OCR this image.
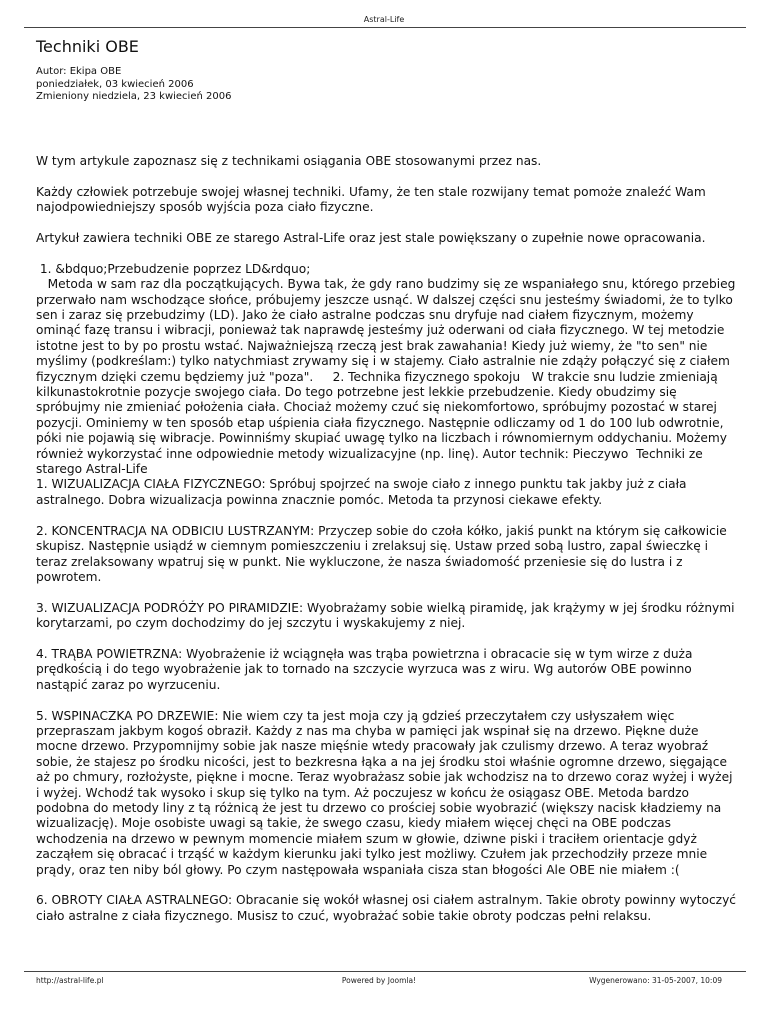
Astral-Life
Techniki OBE
Autor: Ekipa OBE
poniedziałek, 03 kwiecień 2006
Zmieniony niedziela, 23 kwiecień 2006

W tym artykule zapoznasz się z technikami osiągania OBE stosowanymi przez nas.

Każdy człowiek potrzebuje swojej własnej techniki. Ufamy, że ten stale rozwijany temat pomoże znaleźć Wam najodpowiedniejszy sposób wyjścia poza ciało fizyczne.

Artykuł zawiera techniki OBE ze starego Astral-Life oraz jest stale powiększany o zupełnie nowe opracowania.

1. &bdquo;Przebudzenie poprzez LD&rdquo;
Metoda w sam raz dla początkujących. Bywa tak, że gdy rano budzimy się ze wspaniałego snu, którego przebieg przerwało nam wschodzące słońce, próbujemy jeszcze usnąć. W dalszej części snu jesteśmy świadomi, że to tylko sen i zaraz się przebudzimy (LD). Jako że ciało astralne podczas snu dryfuje nad ciałem fizycznym, możemy ominąć fazę transu i wibracji, ponieważ tak naprawdę jesteśmy już oderwani od ciała fizycznego. W tej metodzie istotne jest to by po prostu wstać. Najważniejszą rzeczą jest brak zawahania! Kiedy już wiemy, że "to sen" nie myślimy (podkreślam:) tylko natychmiast zrywamy się i w stajemy. Ciało astralnie nie zdąży połączyć się z ciałem fizycznym dzięki czemu będziemy już "poza".     2. Technika fizycznego spokoju   W trakcie snu ludzie zmieniają kilkunastokrotnie pozycje swojego ciała. Do tego potrzebne jest lekkie przebudzenie. Kiedy obudzimy się spróbujmy nie zmieniać położenia ciała. Chociaż możemy czuć się niekomfortowo, spróbujmy pozostać w starej pozycji. Ominiemy w ten sposób etap uśpienia ciała fizycznego. Następnie odliczamy od 1 do 100 lub odwrotnie, póki nie pojawią się wibracje. Powinniśmy skupiać uwagę tylko na liczbach i równomiernym oddychaniu. Możemy również wykorzystać inne odpowiednie metody wizualizacyjne (np. linę). Autor technik: Pieczywo  Techniki ze starego Astral-Life
1. WIZUALIZACJA CIAŁA FIZYCZNEGO: Spróbuj spojrzeć na swoje ciało z innego punktu tak jakby już z ciała astralnego. Dobra wizualizacja powinna znacznie pomóc. Metoda ta przynosi ciekawe efekty.
2. KONCENTRACJA NA ODBICIU LUSTRZANYM: Przyczep sobie do czoła kółko, jakiś punkt na którym się całkowicie skupisz. Następnie usiądź w ciemnym pomieszczeniu i zrelaksuj się. Ustaw przed sobą lustro, zapal świeczkę i teraz zrelaksowany wpatruj się w punkt. Nie wykluczone, że nasza świadomość przeniesie się do lustra i z powrotem.
3. WIZUALIZACJA PODRÓŻY PO PIRAMIDZIE: Wyobrażamy sobie wielką piramidę, jak krążymy w jej środku różnymi korytarzami, po czym dochodzimy do jej szczytu i wyskakujemy z niej.
4. TRĄBA POWIETRZNA: Wyobrażenie iż wciągnęła was trąba powietrzna i obracacie się w tym wirze z duża prędkością i do tego wyobrażenie jak to tornado na szczycie wyrzuca was z wiru. Wg autorów OBE powinno nastąpić zaraz po wyrzuceniu.
5. WSPINACZKA PO DRZEWIE: Nie wiem czy ta jest moja czy ją gdzieś przeczytałem czy usłyszałem więc przepraszam jakbym kogoś obraził. Każdy z nas ma chyba w pamięci jak wspinał się na drzewo. Piękne duże mocne drzewo. Przypomnijmy sobie jak nasze mięśnie wtedy pracowały jak czulismy drzewo. A teraz wyobraź sobie, że stajesz po środku nicości, jest to bezkresna łąka a na jej środku stoi właśnie ogromne drzewo, sięgające aż po chmury, rozłożyste, piękne i mocne. Teraz wyobrażasz sobie jak wchodzisz na to drzewo coraz wyżej i wyżej i wyżej. Wchodź tak wysoko i skup się tylko na tym. Aż poczujesz w końcu że osiągasz OBE. Metoda bardzo podobna do metody liny z tą różnicą że jest tu drzewo co prościej sobie wyobrazić (większy nacisk kładziemy na wizualizację). Moje osobiste uwagi są takie, że swego czasu, kiedy miałem więcej chęci na OBE podczas wchodzenia na drzewo w pewnym momencie miałem szum w głowie, dziwne piski i traciłem orientacje gdyż zacząłem się obracać i trząść w każdym kierunku jaki tylko jest możliwy. Czułem jak przechodziły przeze mnie prądy, oraz ten niby ból głowy. Po czym następowała wspaniała cisza stan błogości Ale OBE nie miałem :(
6. OBROTY CIAŁA ASTRALNEGO: Obracanie się wokół własnej osi ciałem astralnym. Takie obroty powinny wytoczyć ciało astralne z ciała fizycznego. Musisz to czuć, wyobrażać sobie takie obroty podczas pełni relaksu.
http://astral-life.pl	Powered by Joomla!	Wygenerowano: 31-05-2007, 10:09
